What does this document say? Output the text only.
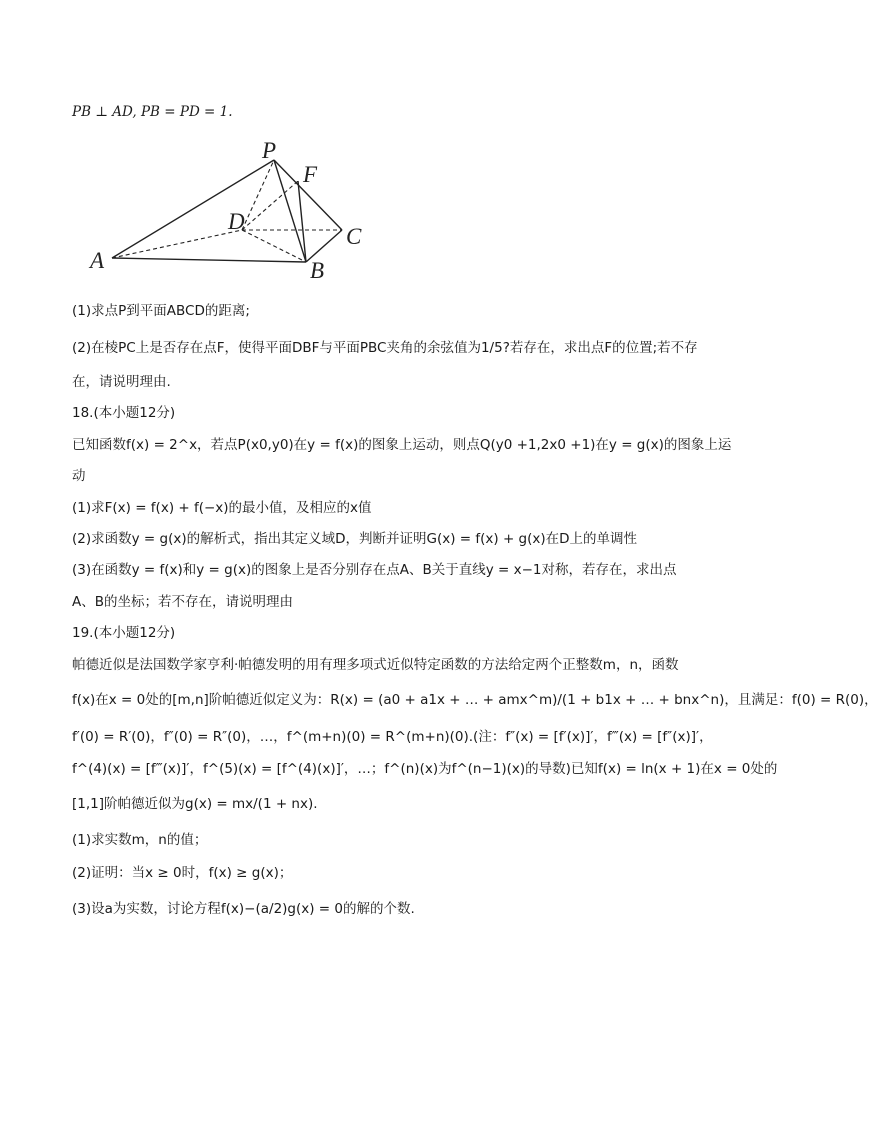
PB ⊥ AD, PB = PD = 1.
P
F
D
C
A	B
(1)求点P到平面ABCD的距离;
(2)在棱PC上是否存在点F，使得平面DBF与平面PBC夹角的余弦值为1/5?若存在，求出点F的位置;若不存
在，请说明理由.
18.(本小题12分)
已知函数f(x) = 2^x，若点P(x0,y0)在y = f(x)的图象上运动，则点Q(y0 +1,2x0 +1)在y = g(x)的图象上运
动
(1)求F(x) = f(x) + f(−x)的最小值，及相应的x值
(2)求函数y = g(x)的解析式，指出其定义域D，判断并证明G(x) = f(x) + g(x)在D上的单调性
(3)在函数y = f(x)和y = g(x)的图象上是否分别存在点A、B关于直线y = x−1对称，若存在，求出点
A、B的坐标；若不存在，请说明理由
19.(本小题12分)
帕德近似是法国数学家亨利·帕德发明的用有理多项式近似特定函数的方法给定两个正整数m，n，函数
f(x)在x = 0处的[m,n]阶帕德近似定义为：R(x) = (a0 + a1x + … + amx^m)/(1 + b1x + … + bnx^n)，且满足：f(0) = R(0)，
f′(0) = R′(0)，f″(0) = R″(0)，…，f^(m+n)(0) = R^(m+n)(0).(注：f″(x) = [f′(x)]′，f‴(x) = [f″(x)]′，
f^(4)(x) = [f‴(x)]′，f^(5)(x) = [f^(4)(x)]′，…；f^(n)(x)为f^(n−1)(x)的导数)已知f(x) = ln(x + 1)在x = 0处的
[1,1]阶帕德近似为g(x) = mx/(1 + nx).
(1)求实数m，n的值；
(2)证明：当x ≥ 0时，f(x) ≥ g(x)；
(3)设a为实数，讨论方程f(x)−(a/2)g(x) = 0的解的个数.
